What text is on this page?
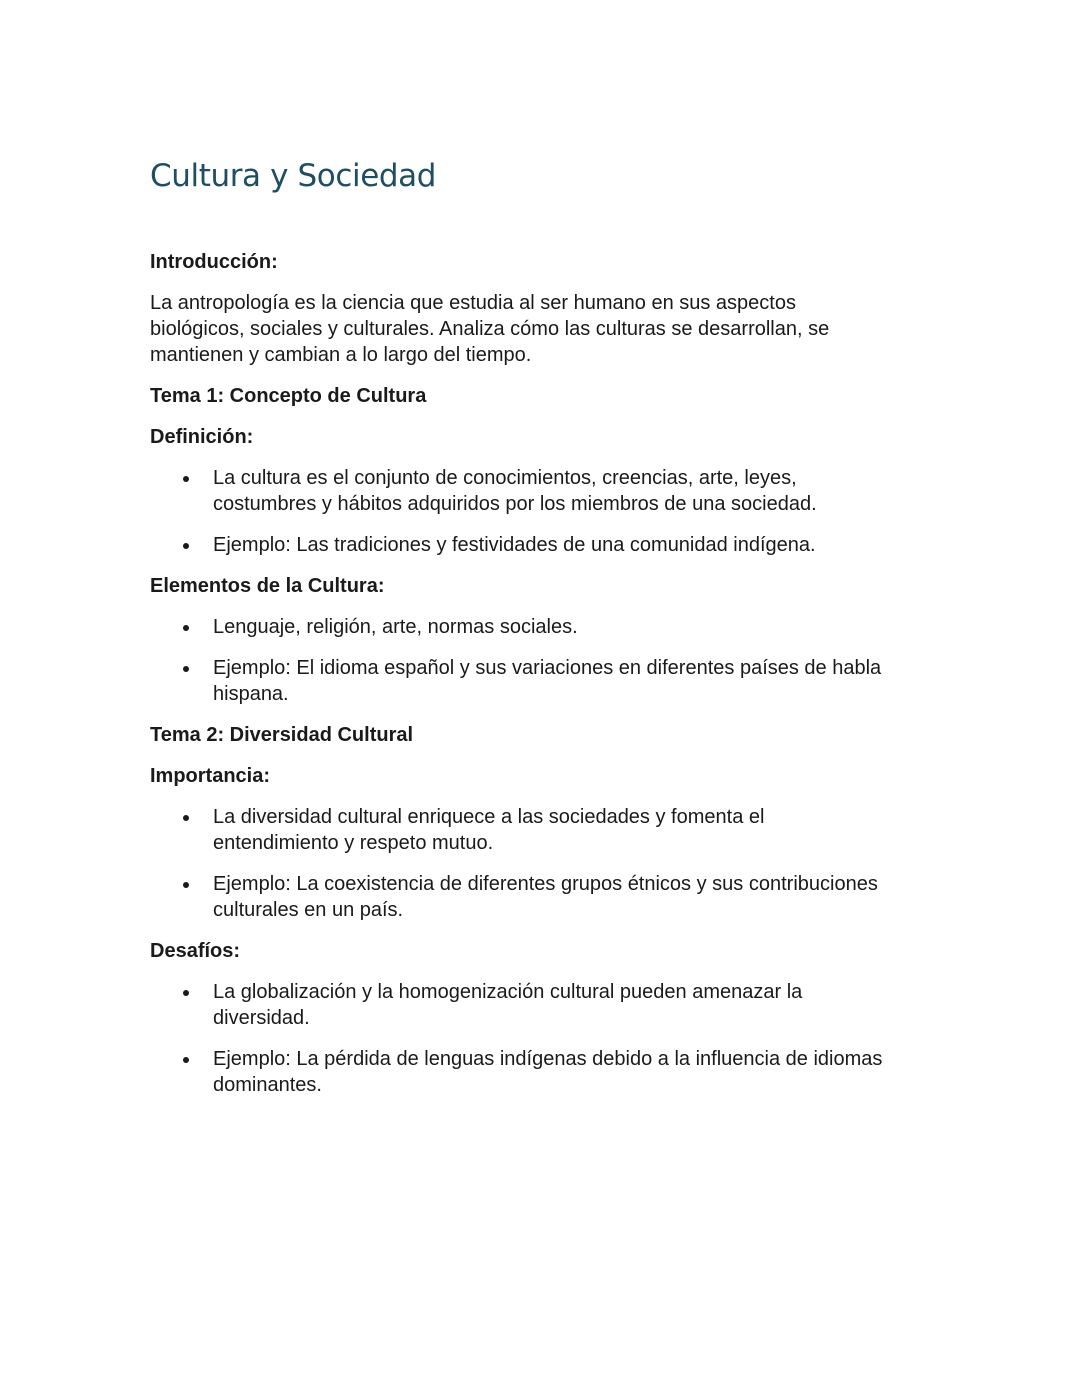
Cultura y Sociedad
Introducción:
La antropología es la ciencia que estudia al ser humano en sus aspectos biológicos, sociales y culturales. Analiza cómo las culturas se desarrollan, se mantienen y cambian a lo largo del tiempo.
Tema 1: Concepto de Cultura
Definición:
La cultura es el conjunto de conocimientos, creencias, arte, leyes, costumbres y hábitos adquiridos por los miembros de una sociedad.
Ejemplo: Las tradiciones y festividades de una comunidad indígena.
Elementos de la Cultura:
Lenguaje, religión, arte, normas sociales.
Ejemplo: El idioma español y sus variaciones en diferentes países de habla hispana.
Tema 2: Diversidad Cultural
Importancia:
La diversidad cultural enriquece a las sociedades y fomenta el entendimiento y respeto mutuo.
Ejemplo: La coexistencia de diferentes grupos étnicos y sus contribuciones culturales en un país.
Desafíos:
La globalización y la homogenización cultural pueden amenazar la diversidad.
Ejemplo: La pérdida de lenguas indígenas debido a la influencia de idiomas dominantes.
